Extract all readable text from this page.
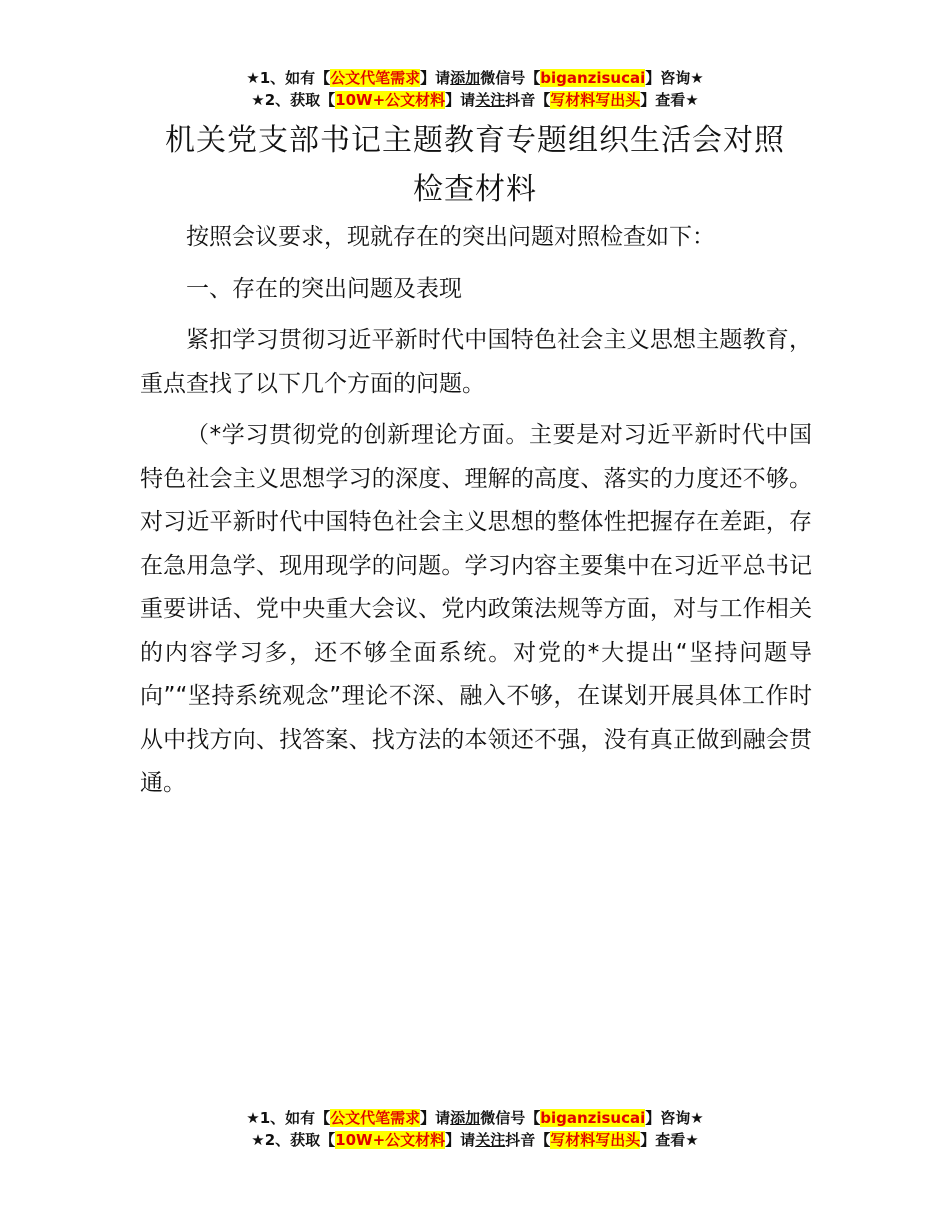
★1、如有【公文代笔需求】请添加微信号【biganzisucai】咨询★
★2、获取【10W+公文材料】请关注抖音【写材料写出头】查看★
机关党支部书记主题教育专题组织生活会对照
检查材料

按照会议要求，现就存在的突出问题对照检查如下：

一、存在的突出问题及表现

紧扣学习贯彻习近平新时代中国特色社会主义思想主题教育，重点查找了以下几个方面的问题。

（*学习贯彻党的创新理论方面。主要是对习近平新时代中国特色社会主义思想学习的深度、理解的高度、落实的力度还不够。对习近平新时代中国特色社会主义思想的整体性把握存在差距，存在急用急学、现用现学的问题。学习内容主要集中在习近平总书记重要讲话、党中央重大会议、党内政策法规等方面，对与工作相关的内容学习多，还不够全面系统。对党的*大提出“坚持问题导向”“坚持系统观念”理论不深、融入不够，在谋划开展具体工作时从中找方向、找答案、找方法的本领还不强，没有真正做到融会贯通。

★1、如有【公文代笔需求】请添加微信号【biganzisucai】咨询★
★2、获取【10W+公文材料】请关注抖音【写材料写出头】查看★
